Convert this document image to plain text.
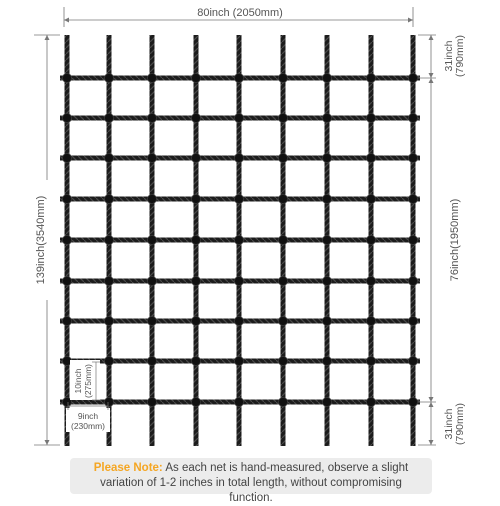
80inch (2050mm)
139inch(3540mm)
31inch (790mm)
76inch(1950mm)
31inch (790mm)
10inch (275mm)
9inch
(230mm)
Please Note: As each net is hand-measured, observe a slight variation of 1-2 inches in total length, without compromising function.
